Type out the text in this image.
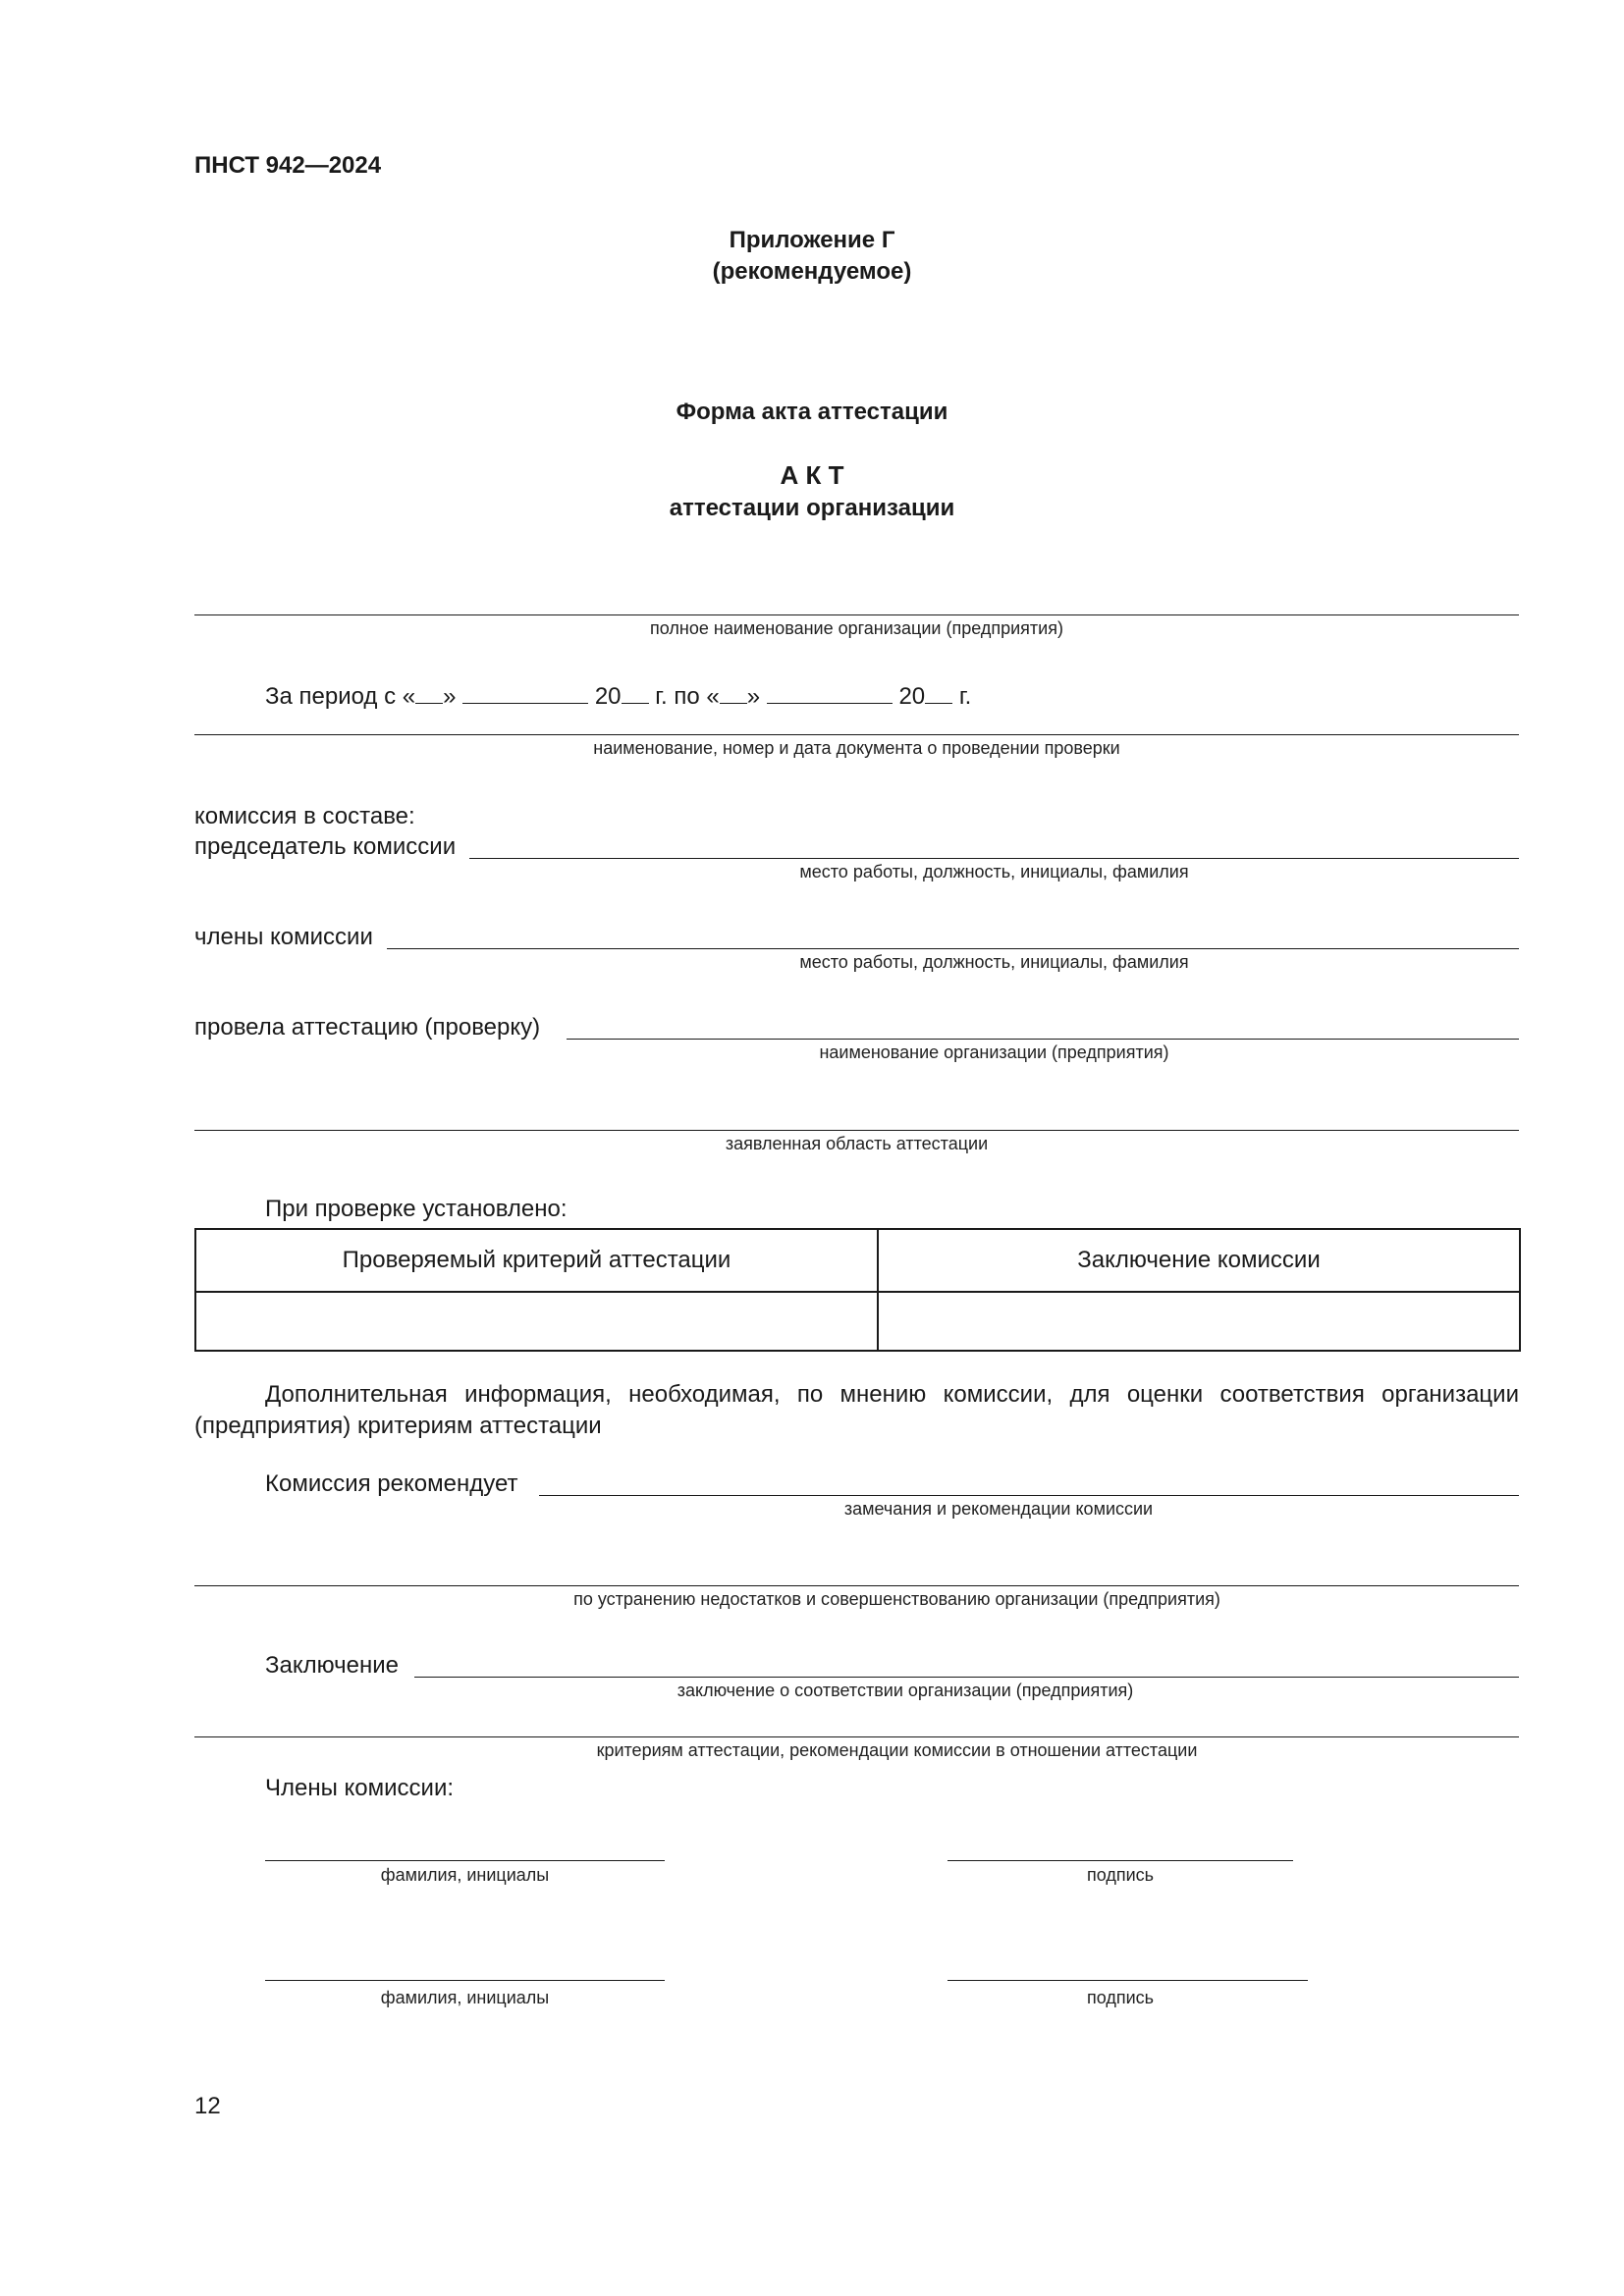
ПНСТ 942—2024
Приложение Г
(рекомендуемое)
Форма акта аттестации
А К Т
аттестации организации
полное наименование организации (предприятия)
За период с « »	20 г. по « »	20 г.
наименование, номер и дата документа о проведении проверки
комиссия в составе:
председатель комиссии
место работы, должность, инициалы, фамилия
члены комиссии
место работы, должность, инициалы, фамилия
провела аттестацию (проверку)
наименование организации (предприятия)
заявленная область аттестации
При проверке установлено:
Проверяемый критерий аттестации	Заключение комиссии

Дополнительная информация, необходимая, по мнению комиссии, для оценки соответствия организации (предприятия) критериям аттестации
Комиссия рекомендует
замечания и рекомендации комиссии
по устранению недостатков и совершенствованию организации (предприятия)
Заключение
заключение о соответствии организации (предприятия)
критериям аттестации, рекомендации комиссии в отношении аттестации
Члены комиссии:
фамилия, инициалы	подпись
фамилия, инициалы	подпись
12
